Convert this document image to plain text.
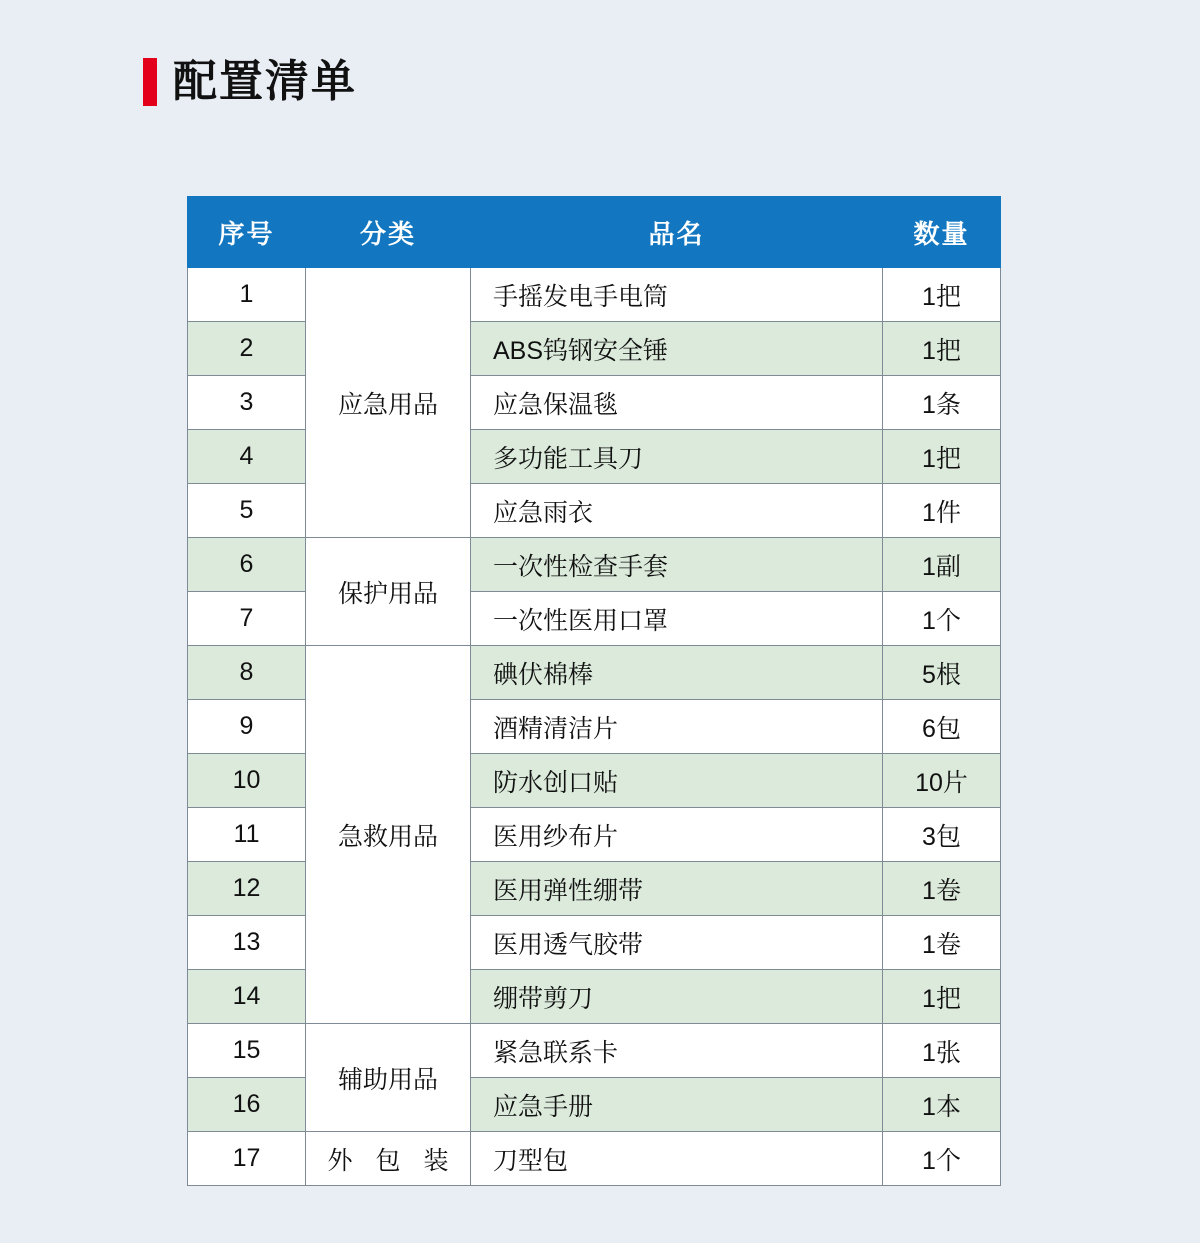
配置清单
序号	分类	品名	数量
1	应急用品	手摇发电手电筒	1把
2		ABS钨钢安全锤	1把
3		应急保温毯	1条
4		多功能工具刀	1把
5		应急雨衣	1件
6	保护用品	一次性检查手套	1副
7		一次性医用口罩	1个
8	急救用品	碘伏棉棒	5根
9		酒精清洁片	6包
10		防水创口贴	10片
11		医用纱布片	3包
12		医用弹性绷带	1卷
13		医用透气胶带	1卷
14		绷带剪刀	1把
15	辅助用品	紧急联系卡	1张
16		应急手册	1本
17	外 包 装	刀型包	1个
